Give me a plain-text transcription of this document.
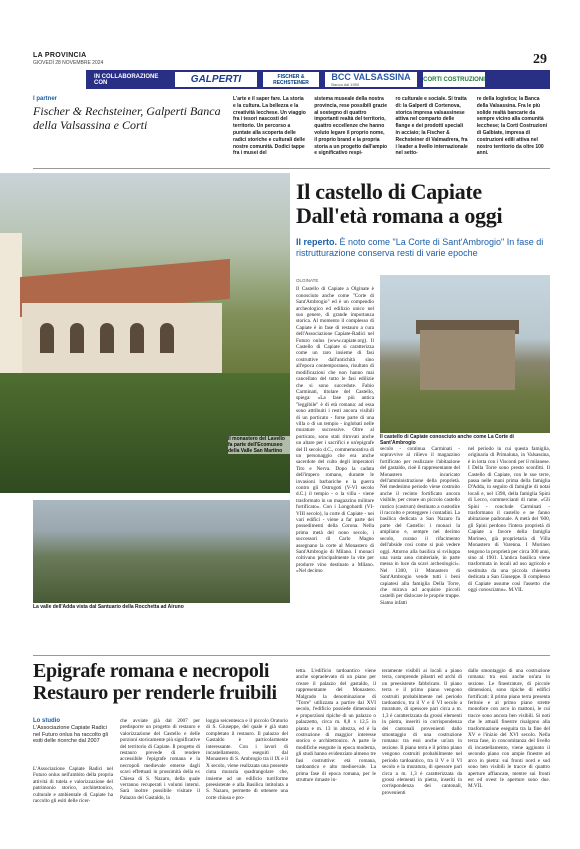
LA PROVINCIA
GIOVEDÌ 28 NOVEMBRE 2024	29
IN COLLABORAZIONE CON	GALPERTI	FISCHER & RECHSTEINER
BCC VALSASSINA
Banca dal 1950
CORTI COSTRUZIONI
I partner
Fischer & Rechsteiner, Galperti Banca della Valsassina e Corti
L'arte e il saper fare. La storia e la cultura. La bellezza e la creatività lecchese. Un viaggio fra i tesori nascosti del territorio. Un percorso a puntate alla scoperta delle radici storiche e culturali delle nostre comunità. Dodici tappe fra i musei del
sistema museale della nostra provincia, rese possibili grazie al sostegno di quattro importanti realtà del territorio, quattro eccellenze che hanno voluto legare il proprio nome, il proprio brand e la propria storia a un progetto dall'ampio e significativo respi-
ro culturale e sociale. Si tratta di: la Galperti di Cortenova, storica impresa valsassinese attiva nel comparto delle flange e dei prodotti speciali in acciaio; la Fischer & Rechsteiner di Valmadrera, fra i leader a livello internazionale nel setto-
re della logistica; la Banca della Valsassina. Fra le più solide realtà bancarie da sempre vicino alla comunità lecchese; la Corti Costruzioni di Galbiate, impresa di costruzioni edili attiva nel nostro territorio da oltre 100 anni.
Il monastero del Lavello fa parte dell'Ecomuseo della Valle San Martino
Il castello di Capiate Dall'età romana a oggi
Il reperto. È noto come "La Corte di Sant'Ambrogio" In fase di ristrutturazione conserva resti di varie epoche
OLGINATE
Il Castello di Capiate a Olginate è conosciuto anche come "Corte di Sant'Ambrogio" ed è un compendio archeologico ed edilizio unico nel suo genere, di grande importanza storica. Al momento il complesso di Capiate è in fase di restauro a cura dell'Associazione Capiate-Radici nel Futuro onlus (www.capiate.org). Il Castello di Capiate si caratterizza come un raro insieme di fasi costruttive dall'antichità sino all'epoca contemporanea, risultato di modificazioni che non hanno mai cancellato del tutto le fasi edilizie che si sono succedute. Fabio Carminati, titolare del Castello, spiega: «La fase più antica "leggibile" è di età romana: ad essa sono attribuiti i resti ancora visibili di un porticato - forse parte di una villa o di un tempio - inglobati nelle murature successive. Oltre al porticato, sono stati ritrovati anche un altare per i sacrifici e un'epigrafe del II secolo d.C., commemorativa di un personaggio che era anche sacerdote del culto degli imperatori Tito e Nerva. Dopo la caduta dell'impero romano, durante le invasioni barbariche e la guerra contro gli Ostrogoti (V-VI secolo d.C.) il tempio - o la villa - viene trasformato in un magazzino militare fortificato». Con i Longobardi (VI-VIII secolo), la corte di Capiate - nei vari edifici - viene a far parte dei possedimenti della Corona. Nella prima metà del nono secolo, i successori di Carlo Magno assegnano la corte al Monastero di Sant'Ambrogio di Milano. I monaci coltivano principalmente la vite per produrre vino destinato a Milano. «Nel decimo
Il castello di Capiate conosciuto anche come La Corte di Sant'Ambrogio
secolo - continua Carminati - sopravvive al rilievo il magazzino fortificato per realizzare l'abitazione del gastaldo, cioè il rappresentante del Monastero incaricato dell'amministrazione della proprietà. Nel medesimo periodo viene costruito anche il recinto fortificato ancora visibile, per creare un piccolo castello rustico (castrum) destinato a custodire il raccolto e proteggere i contadini. La basilica dedicata a San Nazaro fa parte del Castello: i monaci la ampliano e, sempre nel decimo secolo, curano il rifacimento dell'abside così come si può vedere oggi. Attorno alla basilica si sviluppa una vasta area cimiteriale, in parte messa in luce da scavi archeologici». Nel 1300, il Monastero di Sant'Ambrogio vende tutti i beni capiatesi alla famiglia Della Torre, che mirava ad acquisire piccoli castelli per dislocare le proprie truppe. Siamo infatti
nel periodo in cui questa famiglia, originaria di Primaluna, in Valsassina, è in lotta con i Visconti per il milanese. I Della Torre sono presto sconfitti. Il Castello di Capiate, con le sue terre, passa nelle mani prima della famiglia D'Adda, in seguito di famiglie di notai locali e, nel 1398, della famiglia Spini di Lecco, commercianti di rame. «Gli Spini - conclude Carminati - trasformano il castello e ne fanno abitazione padronale. A metà del '600, gli Spini perdono l'intera proprietà di Capiate a favore della famiglia Morineo, già proprietaria di Villa Monastero di Varenna. I Morineo tengono la proprietà per circa 300 anni, sino al 1901. L'antica basilica viene trasformata in locali ad uso agricolo e sostituita da una piccola chiesetta dedicata a San Giuseppe. Il complesso di Capiate assume così l'assetto che oggi conosciamo». M.VIL
La valle dell'Adda vista dal Santuario della Rocchetta ad Airuno
Epigrafe romana e necropoli Restauro per renderle fruibili
Lo studio
L'Associazione Capiate Radici nel Futuro onlus ha raccolto gli esiti delle ricerche dal 2007
L'Associazione Capiate Radici nel Futuro onlus nell'ambito della propria attività di tutela e valorizzazione del patrimonio storico, architettonico, culturale e ambientale di Capiate ha raccolto gli esiti delle ricer-
che avviate già dal 2007 per predisporre un progetto di restauro e valorizzazione del Castello e delle porzioni storicamente più significative del territorio di Capiate. Il progetto di restauro prevede di rendere accessibile l'epigrafe romana e la necropoli medievale emerse dagli scavi effettuati in prossimità della ex Chiesa di S. Nazaro, della quale verranno recuperati i volumi interni. Sarà inoltre possibile visitare il Palazzo del Gastaldo, la
loggia seicentesca e il piccolo Oratorio di S. Giuseppe, del quale è già stato completato il restauro. Il palazzo del Gastaldo è particolarmente interessante. Con i lavori di incastellamento, eseguiti dal Monastero di S. Ambrogio tra il IX e il X secolo, viene realizzata una possente cinta muraria quadrangolare che, insieme ad un edificio turriforme preesistente e alla Basilica intitolata a S. Nazaro, permette di ottenere una corte chiusa e pro-
tetta. L'edificio tardoantico viene anche sopraelevato di un piano per creare il palazzo del gastaldo, il rappresentante del Monastero. Malgrado la denominazione di "Torre" utilizzata a partire dal XVI secolo, l'edificio possiede dimensioni e proporzioni tipiche di un palazzo o palazzetto, circa m. 8,8 x 12,5 in pianta e m. 13 in altezza, ed è la costruzione di maggior interesse storico e architettonico. A parte le modifiche eseguite in epoca moderna, gli studi hanno evidenziato almeno tre fasi costruttive: età romana, tardoantico e alto medioevale. La prima fase di epoca romana, per le strutture rimaste in-
teramente visibili ai locali a piano terra, comprende pilastri ed archi di un preesistente fabbricato. Il piano terra e il primo piano vengono costruiti probabilmente nel periodo tardoantico, tra il V e il VI secolo a murature, di spessore pari circa a m. 1,3 è caratterizzata da grossi elementi in pietra, inseriti in corrispondenza dei cantonali provenienti dallo smontaggio di una costruzione romana: tra essi anche un'ara in sezione. Il piano terra e il primo piano vengono costruiti probabilmente nel periodo tardoantico, tra il V e il VI secolo e la muratura, di spessore pari circa a m. 1,3 è caratterizzata da grossi elementi in pietra, inseriti in corrispondenza dei cantonali, provenienti
dallo smontaggio di una costruzione romana: tra essi anche un'ara in sezione. Le finestrature, di piccole dimensioni, sono tipiche di edifici fortificati: il primo piano terra presenta feritoie e al primo piano strette monofore con arco in mattoni, le cui tracce sono ancora ben visibili. Si noti che le attuali finestre risalgono alla trasformazione eseguita tra la fine del XV e l'inizio del XVI secolo. Nella terza fase, in concomitanza del livello di incastellamento, viene aggiunto il secondo piano con ampie finestre ad arco in pietra: sui fronti nord e sud sono ben visibili le tracce di quattro aperture affiancate, mentre sui fronti est ed ovest le aperture sono due. M.VIL
